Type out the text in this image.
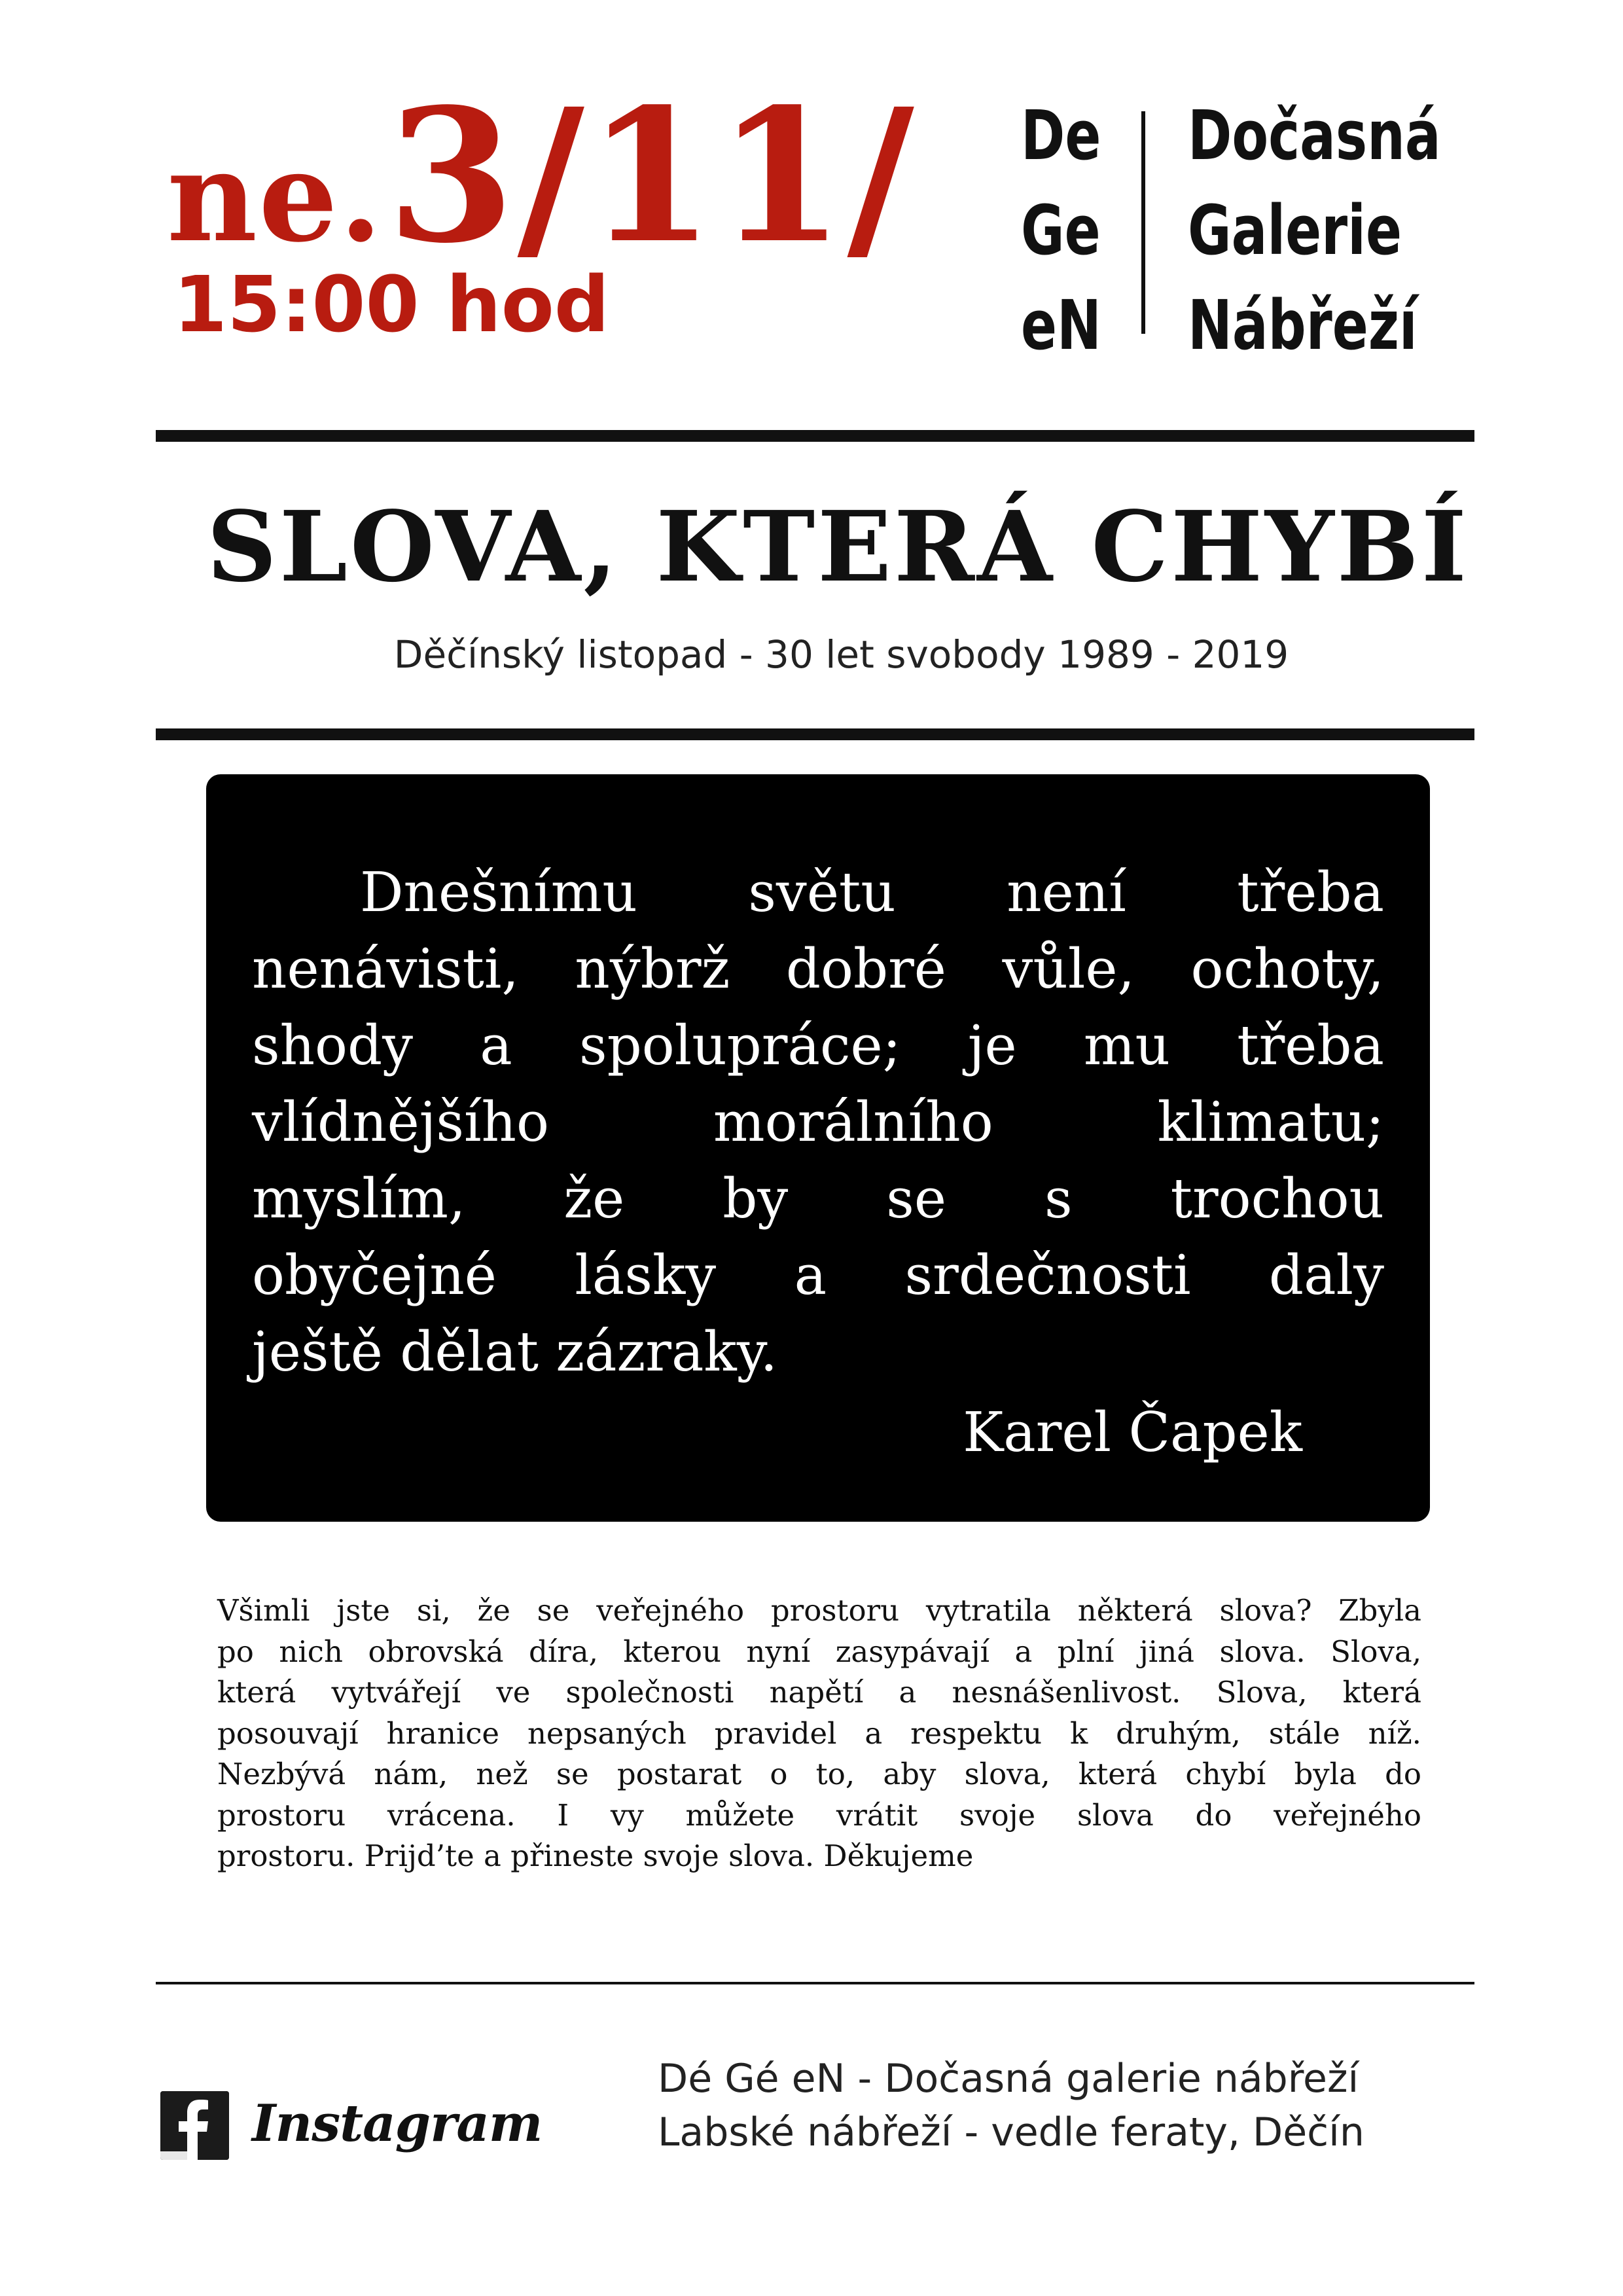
ne. 3/11/
15:00 hod
De
Ge
eN
Dočasná
Galerie
Nábřeží
SLOVA, KTERÁ CHYBÍ
Děčínský listopad - 30 let svobody 1989 - 2019
Dnešnímu světu není třeba
nenávisti, nýbrž dobré vůle, ochoty,
shody a spolupráce; je mu třeba
vlídnějšího morálního klimatu;
myslím, že by se s trochou
obyčejné lásky a srdečnosti daly
ještě dělat zázraky.
Karel Čapek
Všimli jste si, že se veřejného prostoru vytratila některá slova? Zbyla
po nich obrovská díra, kterou nyní zasypávají a plní jiná slova. Slova,
která vytvářejí ve společnosti napětí a nesnášenlivost. Slova, která
posouvají hranice nepsaných pravidel a respektu k druhým, stále níž.
Nezbývá nám, než se postarat o to, aby slova, která chybí byla do
prostoru vrácena. I vy můžete vrátit svoje slova do veřejného
prostoru. Prijd’te a přineste svoje slova. Děkujeme
Instagram
Dé Gé eN - Dočasná galerie nábřeží
Labské nábřeží - vedle feraty, Děčín
